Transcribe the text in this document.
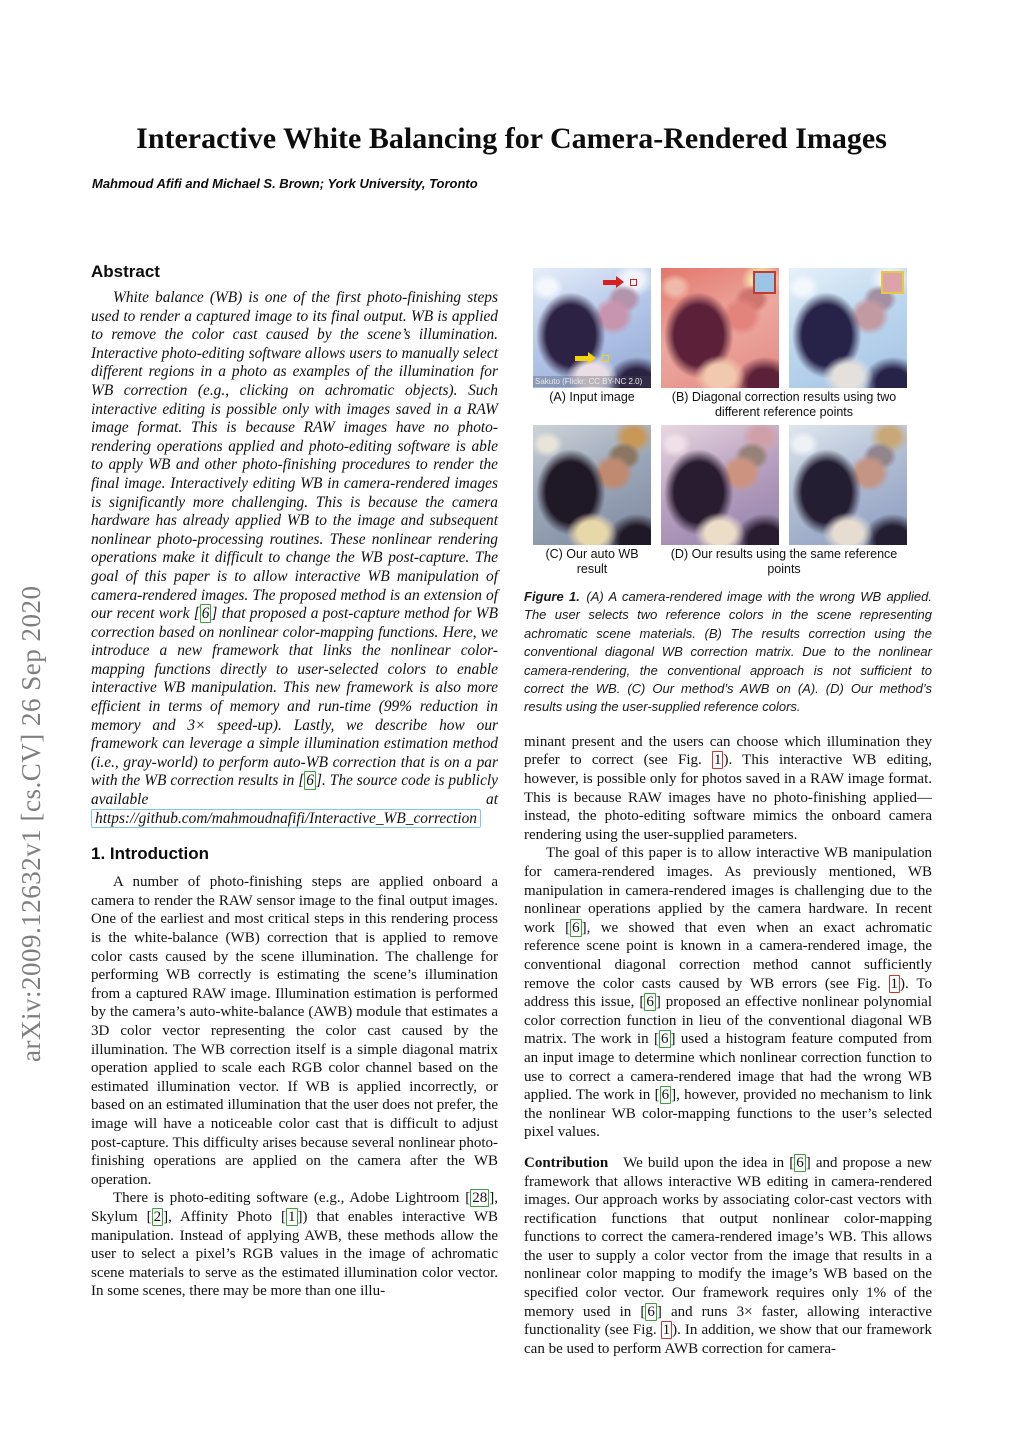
arXiv:2009.12632v1 [cs.CV] 26 Sep 2020
Interactive White Balancing for Camera-Rendered Images
Mahmoud Afifi and Michael S. Brown; York University, Toronto
Abstract

White balance (WB) is one of the first photo-finishing steps used to render a captured image to its final output. WB is applied to remove the color cast caused by the scene’s illumination. Interactive photo-editing software allows users to manually select different regions in a photo as examples of the illumination for WB correction (e.g., clicking on achromatic objects). Such interactive editing is possible only with images saved in a RAW image format. This is because RAW images have no photo-rendering operations applied and photo-editing software is able to apply WB and other photo-finishing procedures to render the final image. Interactively editing WB in camera-rendered images is significantly more challenging. This is because the camera hardware has already applied WB to the image and subsequent nonlinear photo-processing routines. These nonlinear rendering operations make it difficult to change the WB post-capture. The goal of this paper is to allow interactive WB manipulation of camera-rendered images. The proposed method is an extension of our recent work [ 6 ] that proposed a post-capture method for WB correction based on nonlinear color-mapping functions. Here, we introduce a new framework that links the nonlinear color-mapping functions directly to user-selected colors to enable interactive WB manipulation. This new framework is also more efficient in terms of memory and run-time (99% reduction in memory and 3× speed-up). Lastly, we describe how our framework can leverage a simple illumination estimation method (i.e., gray-world) to perform auto-WB correction that is on a par with the WB correction results in [ 6 ]. The source code is publicly available at https://github.com/mahmoudnafifi/Interactive_WB_correction

1. Introduction

A number of photo-finishing steps are applied onboard a camera to render the RAW sensor image to the final output images. One of the earliest and most critical steps in this rendering process is the white-balance (WB) correction that is applied to remove color casts caused by the scene illumination. The challenge for performing WB correctly is estimating the scene’s illumination from a captured RAW image. Illumination estimation is performed by the camera’s auto-white-balance (AWB) module that estimates a 3D color vector representing the color cast caused by the illumination. The WB correction itself is a simple diagonal matrix operation applied to scale each RGB color channel based on the estimated illumination vector. If WB is applied incorrectly, or based on an estimated illumination that the user does not prefer, the image will have a noticeable color cast that is difficult to adjust post-capture. This difficulty arises because several nonlinear photo-finishing operations are applied on the camera after the WB operation.

There is photo-editing software (e.g., Adobe Lightroom [ 28 ], Skylum [ 2 ], Affinity Photo [ 1 ]) that enables interactive WB manipulation. Instead of applying AWB, these methods allow the user to select a pixel’s RGB values in the image of achromatic scene materials to serve as the estimated illumination color vector. In some scenes, there may be more than one illu-

Sakuto (Flickr: CC BY-NC 2.0)
(A) Input image	(B) Diagonal correction results using two different reference points
(C) Our auto WB result
(D) Our results using the same reference points
Figure 1. (A) A camera-rendered image with the wrong WB applied. The user selects two reference colors in the scene representing achromatic scene materials. (B) The results correction using the conventional diagonal WB correction matrix. Due to the nonlinear camera-rendering, the conventional approach is not sufficient to correct the WB. (C) Our method’s AWB on (A). (D) Our method’s results using the user-supplied reference colors.

minant present and the users can choose which illumination they prefer to correct (see Fig. 1 ). This interactive WB editing, however, is possible only for photos saved in a RAW image format. This is because RAW images have no photo-finishing applied—instead, the photo-editing software mimics the onboard camera rendering using the user-supplied parameters.

The goal of this paper is to allow interactive WB manipulation for camera-rendered images. As previously mentioned, WB manipulation in camera-rendered images is challenging due to the nonlinear operations applied by the camera hardware. In recent work [ 6 ], we showed that even when an exact achromatic reference scene point is known in a camera-rendered image, the conventional diagonal correction method cannot sufficiently remove the color casts caused by WB errors (see Fig. 1 ). To address this issue, [ 6 ] proposed an effective nonlinear polynomial color correction function in lieu of the conventional diagonal WB matrix. The work in [ 6 ] used a histogram feature computed from an input image to determine which nonlinear correction function to use to correct a camera-rendered image that had the wrong WB applied. The work in [ 6 ], however, provided no mechanism to link the nonlinear WB color-mapping functions to the user’s selected pixel values.

Contribution We build upon the idea in [ 6 ] and propose a new framework that allows interactive WB editing in camera-rendered images. Our approach works by associating color-cast vectors with rectification functions that output nonlinear color-mapping functions to correct the camera-rendered image’s WB. This allows the user to supply a color vector from the image that results in a nonlinear color mapping to modify the image’s WB based on the specified color vector. Our framework requires only 1% of the memory used in [ 6 ] and runs 3× faster, allowing interactive functionality (see Fig. 1 ). In addition, we show that our framework can be used to perform AWB correction for camera-
